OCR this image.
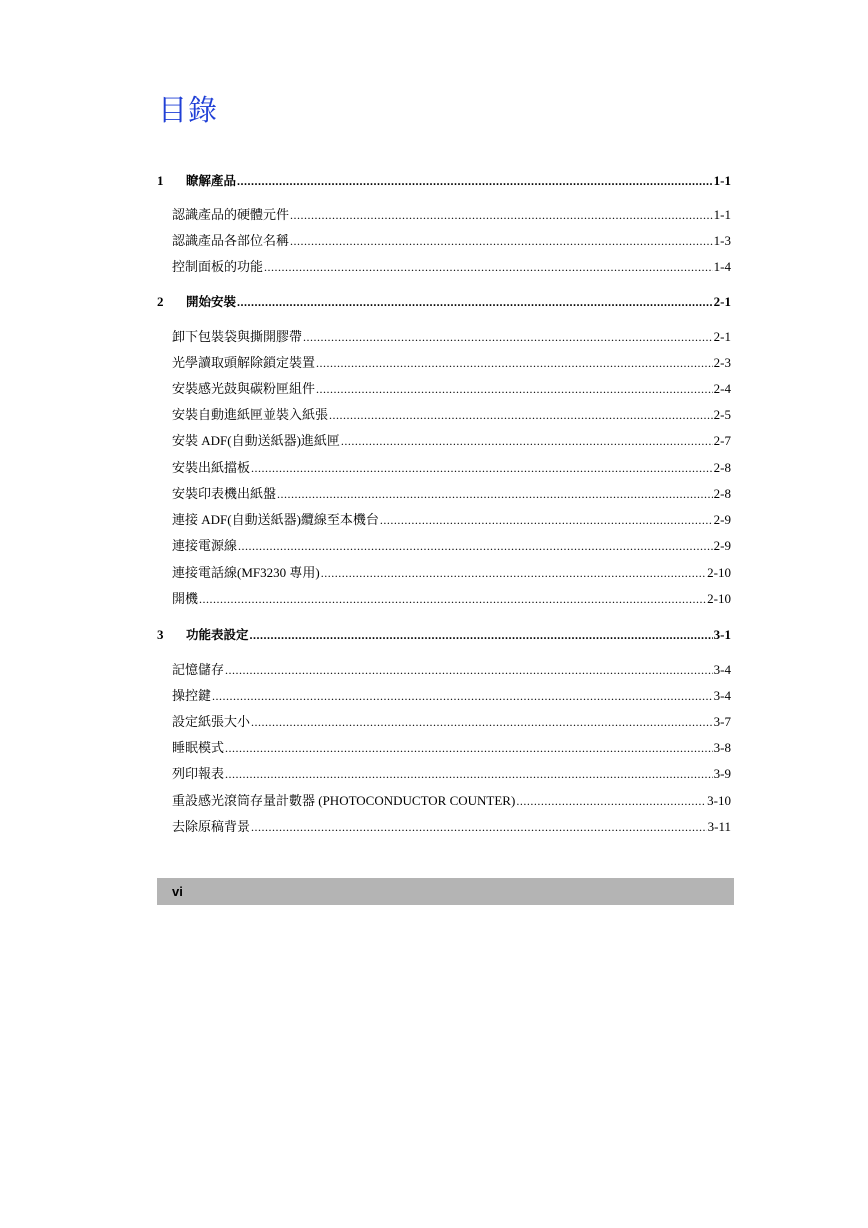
目錄
1	瞭解產品 .....	1-1
認識產品的硬體元件 .....	1-1
認識產品各部位名稱 .....	1-3
控制面板的功能 .....	1-4
2	開始安裝 .....	2-1
卸下包裝袋與撕開膠帶 .....	2-1
光學讀取頭解除鎖定裝置 .....	2-3
安裝感光鼓與碳粉匣組件 .....	2-4
安裝自動進紙匣並裝入紙張 .....	2-5
安裝 ADF(自動送紙器)進紙匣 .....	2-7
安裝出紙擋板 .....	2-8
安裝印表機出紙盤 .....	2-8
連接 ADF(自動送紙器)纜線至本機台 .....	2-9
連接電源線 .....	2-9
連接電話線(MF3230 專用) .....	2-10
開機 .....	2-10
3	功能表設定 .....	3-1
記憶儲存 .....	3-4
操控鍵 .....	3-4
設定紙張大小 .....	3-7
睡眠模式 .....	3-8
列印報表 .....	3-9
重設感光滾筒存量計數器 (PHOTOCONDUCTOR COUNTER) .....	3-10
去除原稿背景 .....	3-11
vi
